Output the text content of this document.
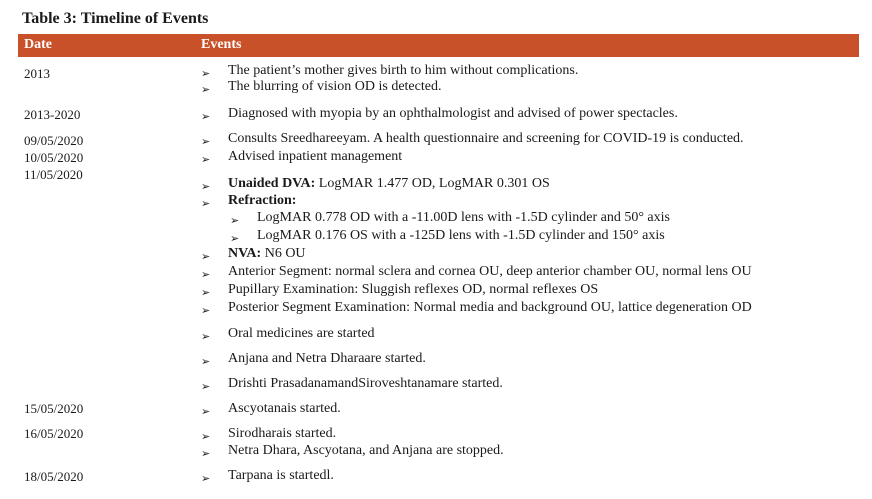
Table 3: Timeline of Events
Date	Events
2013
2013-2020
09/05/2020
10/05/2020
11/05/2020
15/05/2020
16/05/2020
18/05/2020
➢ The patient’s mother gives birth to him without complications.
➢ The blurring of vision OD is detected.
➢ Diagnosed with myopia by an ophthalmologist and advised of power spectacles.
➢ Consults Sreedhareeyam. A health questionnaire and screening for COVID-19 is conducted.
➢ Advised inpatient management
➢ Unaided DVA: LogMAR 1.477 OD, LogMAR 0.301 OS
➢ Refraction:
➢ LogMAR 0.778 OD with a -11.00D lens with -1.5D cylinder and 50° axis
➢ LogMAR 0.176 OS with a -125D lens with -1.5D cylinder and 150° axis
➢ NVA: N6 OU
➢ Anterior Segment: normal sclera and cornea OU, deep anterior chamber OU, normal lens OU
➢ Pupillary Examination: Sluggish reflexes OD, normal reflexes OS
➢ Posterior Segment Examination: Normal media and background OU, lattice degeneration OD
➢ Oral medicines are started
➢ Anjana and Netra Dharaare started.
➢ Drishti PrasadanamandSiroveshtanamare started.
➢ Ascyotanais started.
➢ Sirodharais started.
➢ Netra Dhara, Ascyotana, and Anjana are stopped.
➢ Tarpana is startedl.
